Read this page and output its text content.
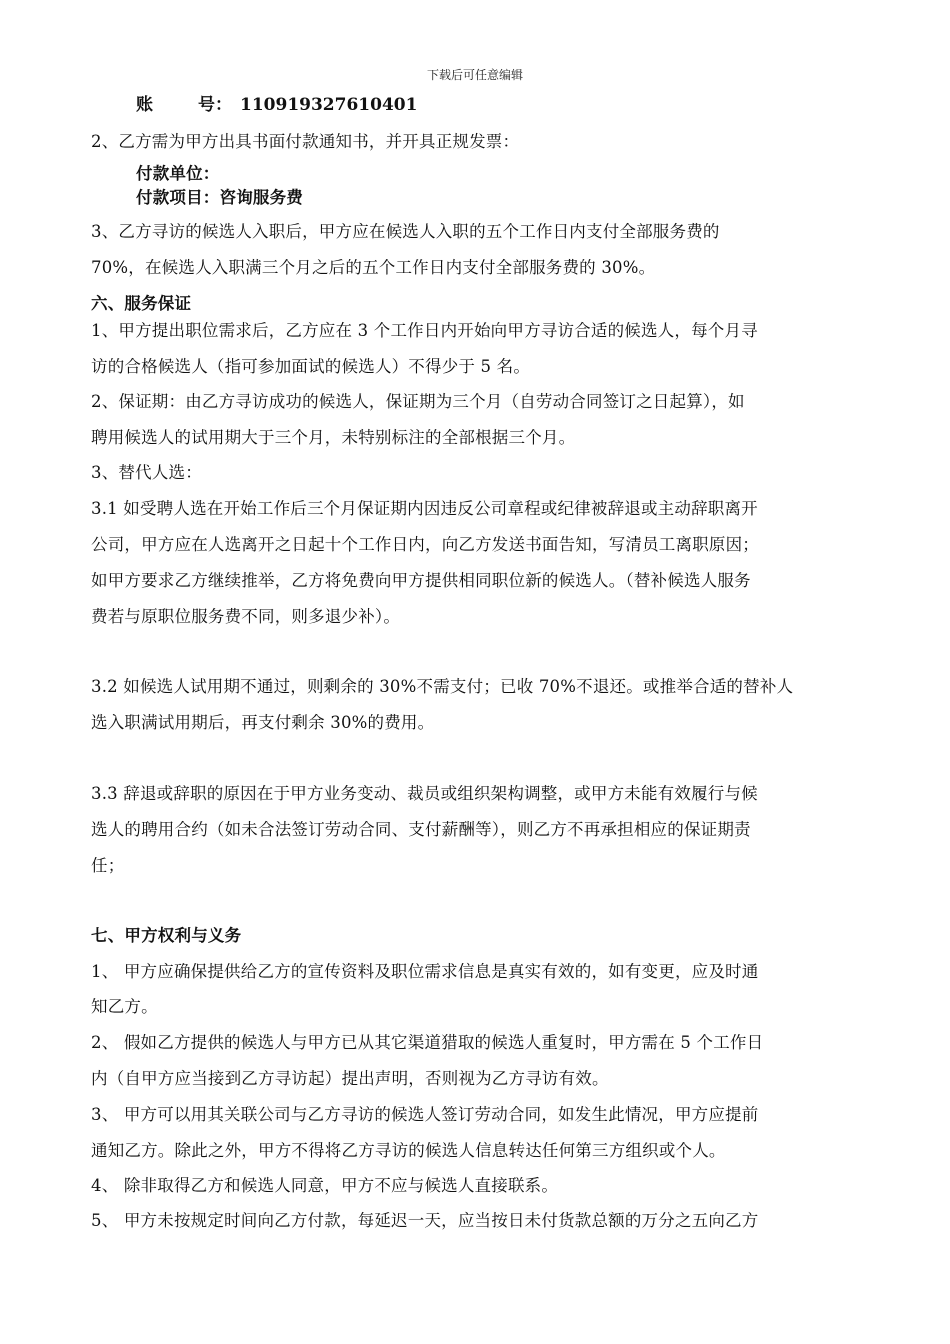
下载后可任意编辑
账	号： 110919327610401
2、乙方需为甲方出具书面付款通知书，并开具正规发票：
付款单位：
付款项目：咨询服务费
3、乙方寻访的候选人入职后，甲方应在候选人入职的五个工作日内支付全部服务费的
70%，在候选人入职满三个月之后的五个工作日内支付全部服务费的 30%。
六、服务保证
1、甲方提出职位需求后，乙方应在 3 个工作日内开始向甲方寻访合适的候选人，每个月寻
访的合格候选人（指可参加面试的候选人）不得少于 5 名。
2、保证期：由乙方寻访成功的候选人，保证期为三个月（自劳动合同签订之日起算），如
聘用候选人的试用期大于三个月，未特别标注的全部根据三个月。
3、替代人选：
3.1 如受聘人选在开始工作后三个月保证期内因违反公司章程或纪律被辞退或主动辞职离开
公司，甲方应在人选离开之日起十个工作日内，向乙方发送书面告知，写清员工离职原因；
如甲方要求乙方继续推举，乙方将免费向甲方提供相同职位新的候选人。（替补候选人服务
费若与原职位服务费不同，则多退少补）。
3.2 如候选人试用期不通过，则剩余的 30%不需支付；已收 70%不退还。或推举合适的替补人
选入职满试用期后，再支付剩余 30%的费用。
3.3 辞退或辞职的原因在于甲方业务变动、裁员或组织架构调整，或甲方未能有效履行与候
选人的聘用合约（如未合法签订劳动合同、支付薪酬等），则乙方不再承担相应的保证期责
任；
七、甲方权利与义务
1、 甲方应确保提供给乙方的宣传资料及职位需求信息是真实有效的，如有变更，应及时通
知乙方。
2、 假如乙方提供的候选人与甲方已从其它渠道猎取的候选人重复时，甲方需在 5 个工作日
内（自甲方应当接到乙方寻访起）提出声明，否则视为乙方寻访有效。
3、 甲方可以用其关联公司与乙方寻访的候选人签订劳动合同，如发生此情况，甲方应提前
通知乙方。除此之外，甲方不得将乙方寻访的候选人信息转达任何第三方组织或个人。
4、 除非取得乙方和候选人同意，甲方不应与候选人直接联系。
5、 甲方未按规定时间向乙方付款，每延迟一天，应当按日未付货款总额的万分之五向乙方
